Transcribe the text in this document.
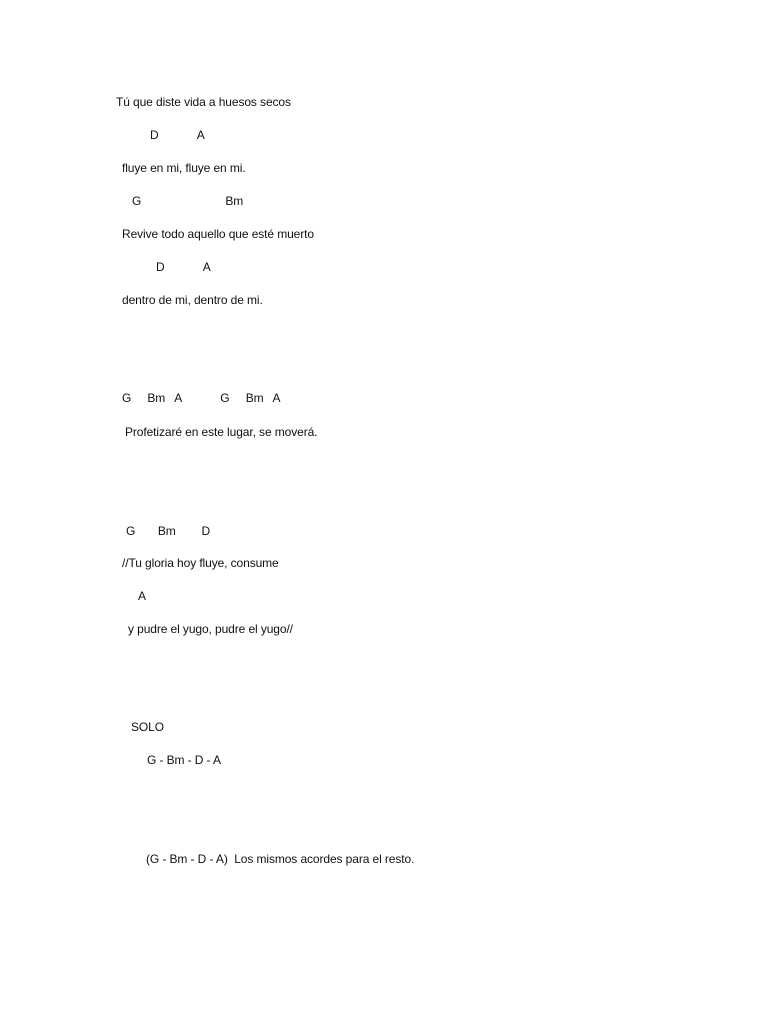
Tú que diste vida a huesos secos
D            A
fluye en mi, fluye en mi.
G                          Bm
Revive todo aquello que esté muerto
D            A
dentro de mi, dentro de mi.
G     Bm   A            G     Bm   A
Profetizaré en este lugar, se moverá.
G       Bm        D
//Tu gloria hoy fluye, consume
A
y pudre el yugo, pudre el yugo//
SOLO
G - Bm - D - A
(G - Bm - D - A)  Los mismos acordes para el resto.
